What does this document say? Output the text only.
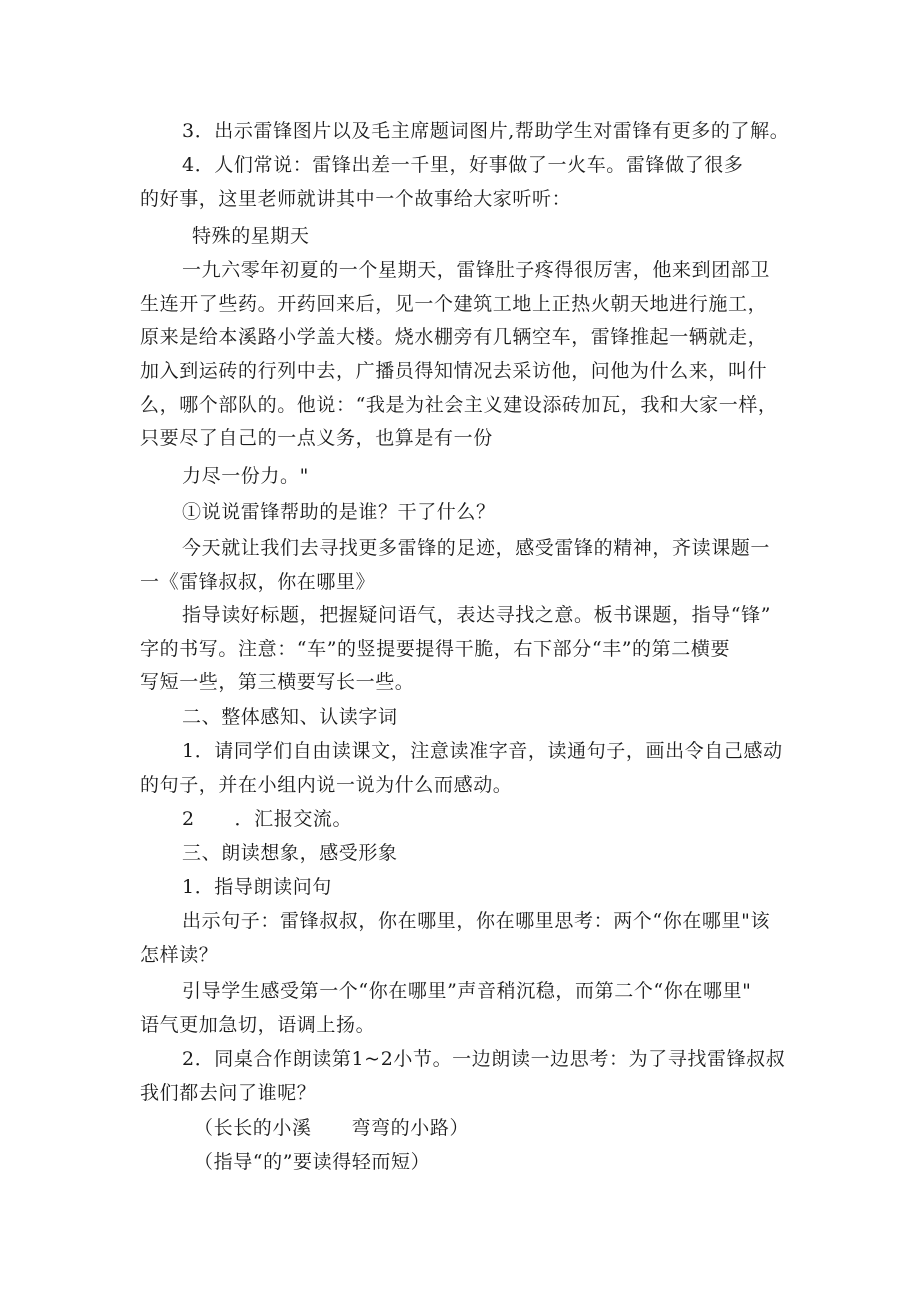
3．出示雷锋图片以及毛主席题词图片,帮助学生对雷锋有更多的了解。
4．人们常说：雷锋出差一千里，好事做了一火车。雷锋做了很多
的好事，这里老师就讲其中一个故事给大家听听：
特殊的星期天
一九六零年初夏的一个星期天，雷锋肚子疼得很厉害，他来到团部卫
生连开了些药。开药回来后，见一个建筑工地上正热火朝天地进行施工，
原来是给本溪路小学盖大楼。烧水棚旁有几辆空车，雷锋推起一辆就走，
加入到运砖的行列中去，广播员得知情况去采访他，问他为什么来，叫什
么，哪个部队的。他说：“我是为社会主义建设添砖加瓦，我和大家一样，
只要尽了自己的一点义务，也算是有一份
力尽一份力。"
①说说雷锋帮助的是谁？干了什么？
今天就让我们去寻找更多雷锋的足迹，感受雷锋的精神，齐读课题一
一《雷锋叔叔，你在哪里》
指导读好标题，把握疑问语气，表达寻找之意。板书课题，指导“锋”
字的书写。注意：“车”的竖提要提得干脆，右下部分“丰”的第二横要
写短一些，第三横要写长一些。
二、整体感知、认读字词
1．请同学们自由读课文，注意读准字音，读通句子，画出令自己感动
的句子，并在小组内说一说为什么而感动。
2      ．汇报交流。
三、朗读想象，感受形象
1．指导朗读问句
出示句子：雷锋叔叔，你在哪里，你在哪里思考：两个“你在哪里"该
怎样读？
引导学生感受第一个“你在哪里”声音稍沉稳，而第二个“你在哪里"
语气更加急切，语调上扬。
2．同桌合作朗读第1~2小节。一边朗读一边思考：为了寻找雷锋叔叔
我们都去问了谁呢？
（长长的小溪      弯弯的小路）
（指导“的”要读得轻而短）
